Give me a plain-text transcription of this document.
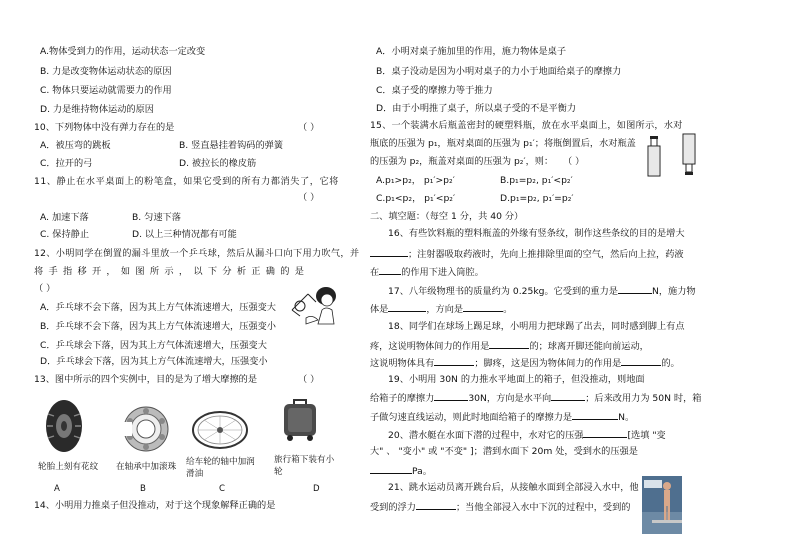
A.物体受到力的作用，运动状态一定改变
B. 力是改变物体运动状态的原因
C. 物体只要运动就需要力的作用
D. 力是维持物体运动的原因
10、下列物体中没有弹力存在的是	（ ）
A．被压弯的跳板	B. 竖直悬挂着钩码的弹簧
C．拉开的弓	D. 被拉长的橡皮筋
11、静止在水平桌面上的粉笔盒，如果它受到的所有力都消失了，它将
（ ）
A. 加速下落	B. 匀速下落
C. 保持静止	D. 以上三种情况都有可能
12、小明同学在倒置的漏斗里放一个乒乓球，然后从漏斗口向下用力吹气，并
将手指移开，如图所示，以下分析正确的是
（ ）
A．乒乓球不会下落，因为其上方气体流速增大，压强变大
B．乒乓球不会下落，因为其上方气体流速增大，压强变小
C．乒乓球会下落，因为其上方气体流速增大，压强变大
D．乒乓球会下落，因为其上方气体流速增大，压强变小
13、图中所示的四个实例中，目的是为了增大摩擦的是	（ ）
轮胎上刻有花纹 在轴承中加滚珠 给车轮的轴中加润
滑油
旅行箱下装有小
轮
A	B	C	D
14、小明用力推桌子但没推动，对于这个现象解释正确的是
A．小明对桌子施加里的作用，施力物体是桌子
B．桌子没动是因为小明对桌子的力小于地面给桌子的摩擦力
C．桌子受的摩擦力等于推力
D．由于小明推了桌子，所以桌子受的不是平衡力
15、一个装满水后瓶盖密封的硬塑料瓶，放在水平桌面上，如图所示，水对
瓶底的压强为 p₁，瓶对桌面的压强为 p₁′；将瓶倒置后，水对瓶盖
的压强为 p₂，瓶盖对桌面的压强为 p₂′，则： （ ）
A.p₁>p₂， p₁′>p₂′	B.p₁=p₂, p₁′<p₂′
C.p₁<p₂， p₁′<p₂′	D.p₁=p₂, p₁′=p₂′
二、填空题：（每空 1 分，共 40 分）
16、有些饮料瓶的塑料瓶盖的外缘有竖条纹，制作这些条纹的目的是增大
；注射器吸取药液时，先向上推排除里面的空气，然后向上拉，药液
在 的作用下进入筒腔。
17、八年级物理书的质量约为 0.25kg。它受到的重力是	N，施力物
体是	，方向是	。
18、同学们在球场上踢足球，小明用力把球踢了出去，同时感到脚上有点
疼，这说明物体间力的作用是	的；球离开脚还能向前运动，
这说明物体具有	；脚疼，这是因为物体间力的作用是	的。
19、小明用 30N 的力推水平地面上的箱子，但没推动，则地面
给箱子的摩擦力	30N，方向是水平向	；后来改用力为 50N 时，箱
子做匀速直线运动，则此时地面给箱子的摩擦力是	N。
20、潜水艇在水面下潜的过程中，水对它的压强	[选填 "变
大" 、 "变小" 或 "不变" ]；潜到水面下 20m 处，受到水的压强是
Pa。
21、跳水运动员离开跳台后，从接触水面到全部浸入水中，他
受到的浮力	；当他全部浸入水中下沉的过程中，受到的
